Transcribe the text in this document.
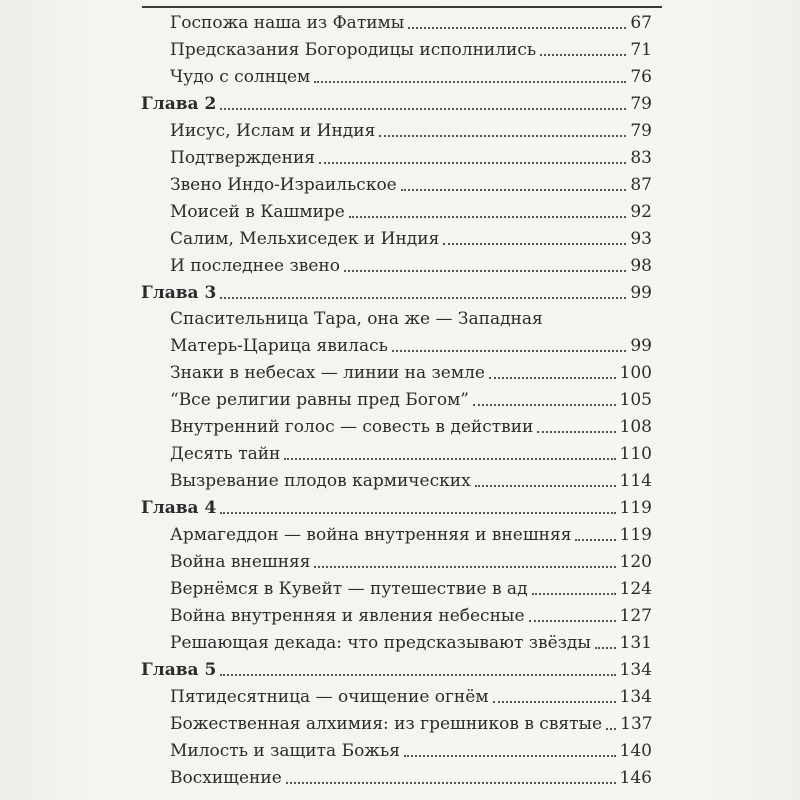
Госпожа наша из Фатимы	67
Предсказания Богородицы исполнились	71
Чудо с солнцем	76
Глава 2	79
Иисус, Ислам и Индия	79
Подтверждения	83
Звено Индо-Израильское	87
Моисей в Кашмире	92
Салим, Мельхиседек и Индия	93
И последнее звено	98
Глава 3	99
Спасительница Тара, она же — Западная
Матерь-Царица явилась	99
Знаки в небесах — линии на земле	100
“Все религии равны пред Богом”	105
Внутренний голос — совесть в действии	108
Десять тайн	110
Вызревание плодов кармических	114
Глава 4	119
Армагеддон — война внутренняя и внешняя	119
Война внешняя	120
Вернёмся в Кувейт — путешествие в ад	124
Война внутренняя и явления небесные	127
Решающая декада: что предсказывают звёзды 131
Глава 5	134
Пятидесятница — очищение огнём	134
Божественная алхимия: из грешников в святые 137
Милость и защита Божья	140
Восхищение	146
